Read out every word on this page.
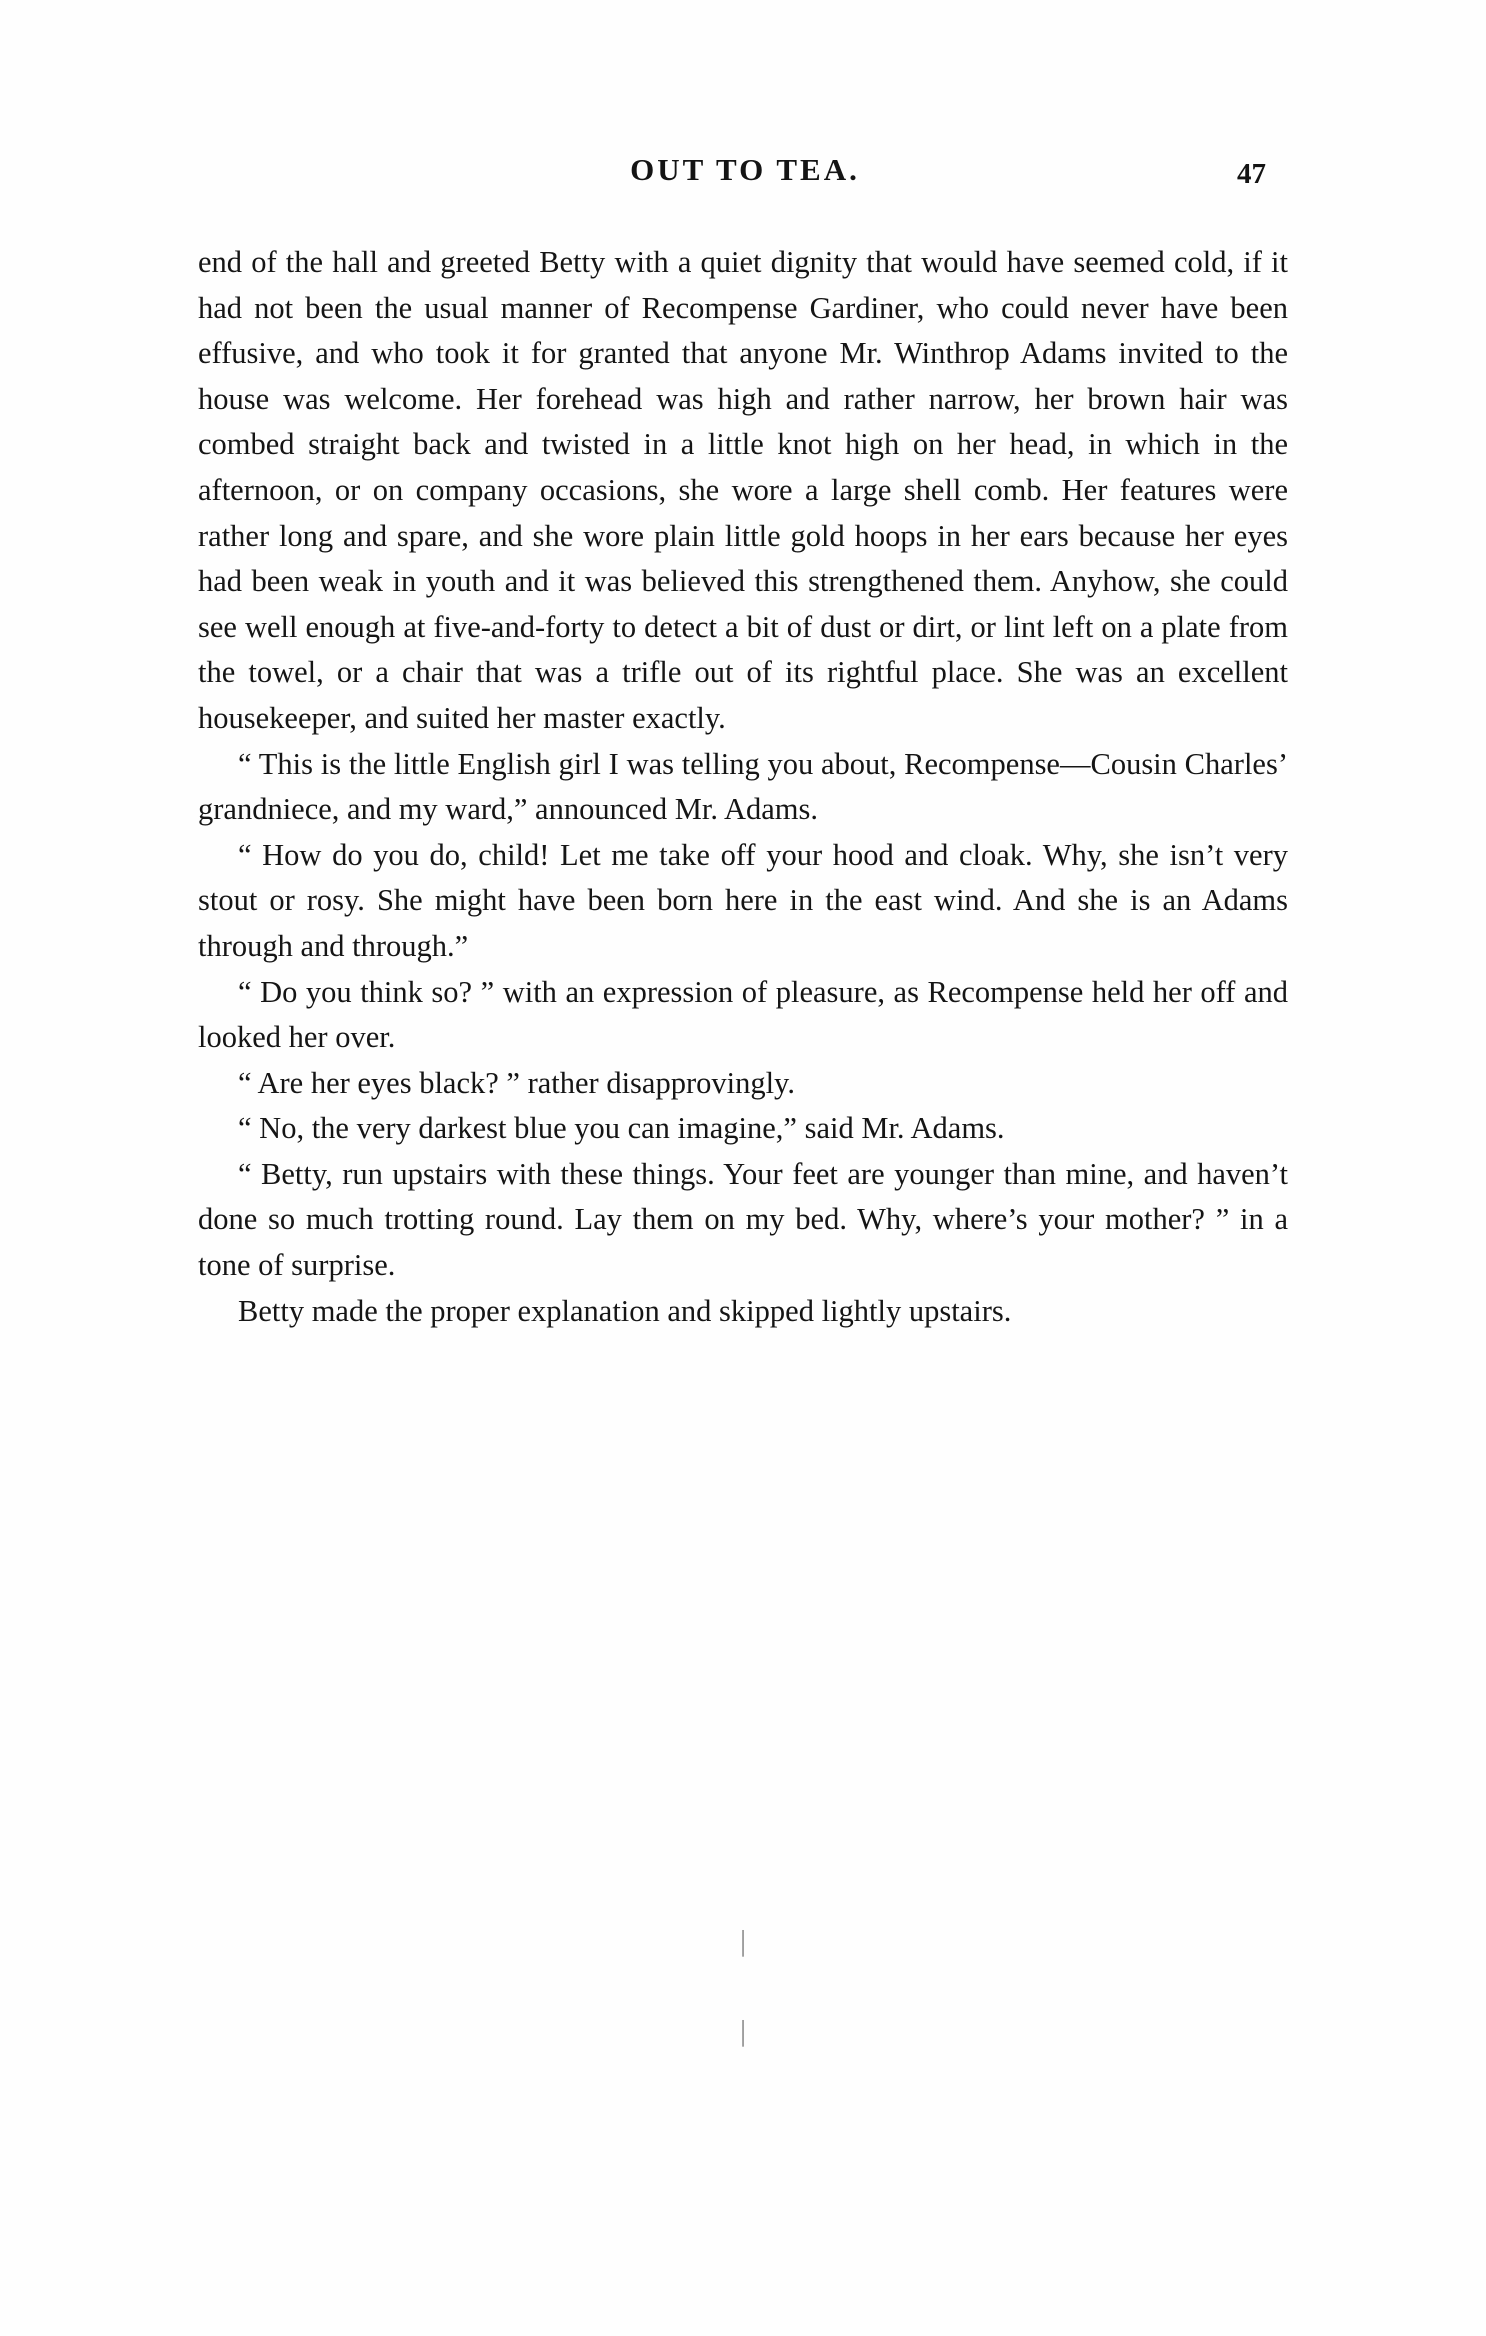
OUT TO TEA.	47

end of the hall and greeted Betty with a quiet dignity that would have seemed cold, if it had not been the usual manner of Recompense Gardiner, who could never have been effusive, and who took it for granted that anyone Mr. Winthrop Adams invited to the house was welcome. Her forehead was high and rather narrow, her brown hair was combed straight back and twisted in a little knot high on her head, in which in the afternoon, or on company occasions, she wore a large shell comb. Her features were rather long and spare, and she wore plain little gold hoops in her ears because her eyes had been weak in youth and it was believed this strengthened them. Anyhow, she could see well enough at five-and-forty to detect a bit of dust or dirt, or lint left on a plate from the towel, or a chair that was a trifle out of its rightful place. She was an excellent housekeeper, and suited her master exactly.

“ This is the little English girl I was telling you about, Recompense—Cousin Charles’ grandniece, and my ward,” announced Mr. Adams.

“ How do you do, child! Let me take off your hood and cloak. Why, she isn’t very stout or rosy. She might have been born here in the east wind. And she is an Adams through and through.”

“ Do you think so? ” with an expression of pleasure, as Recompense held her off and looked her over.

“ Are her eyes black? ” rather disapprovingly.

“ No, the very darkest blue you can imagine,” said Mr. Adams.

“ Betty, run upstairs with these things. Your feet are younger than mine, and haven’t done so much trotting round. Lay them on my bed. Why, where’s your mother? ” in a tone of surprise.

Betty made the proper explanation and skipped lightly upstairs.

│
│
